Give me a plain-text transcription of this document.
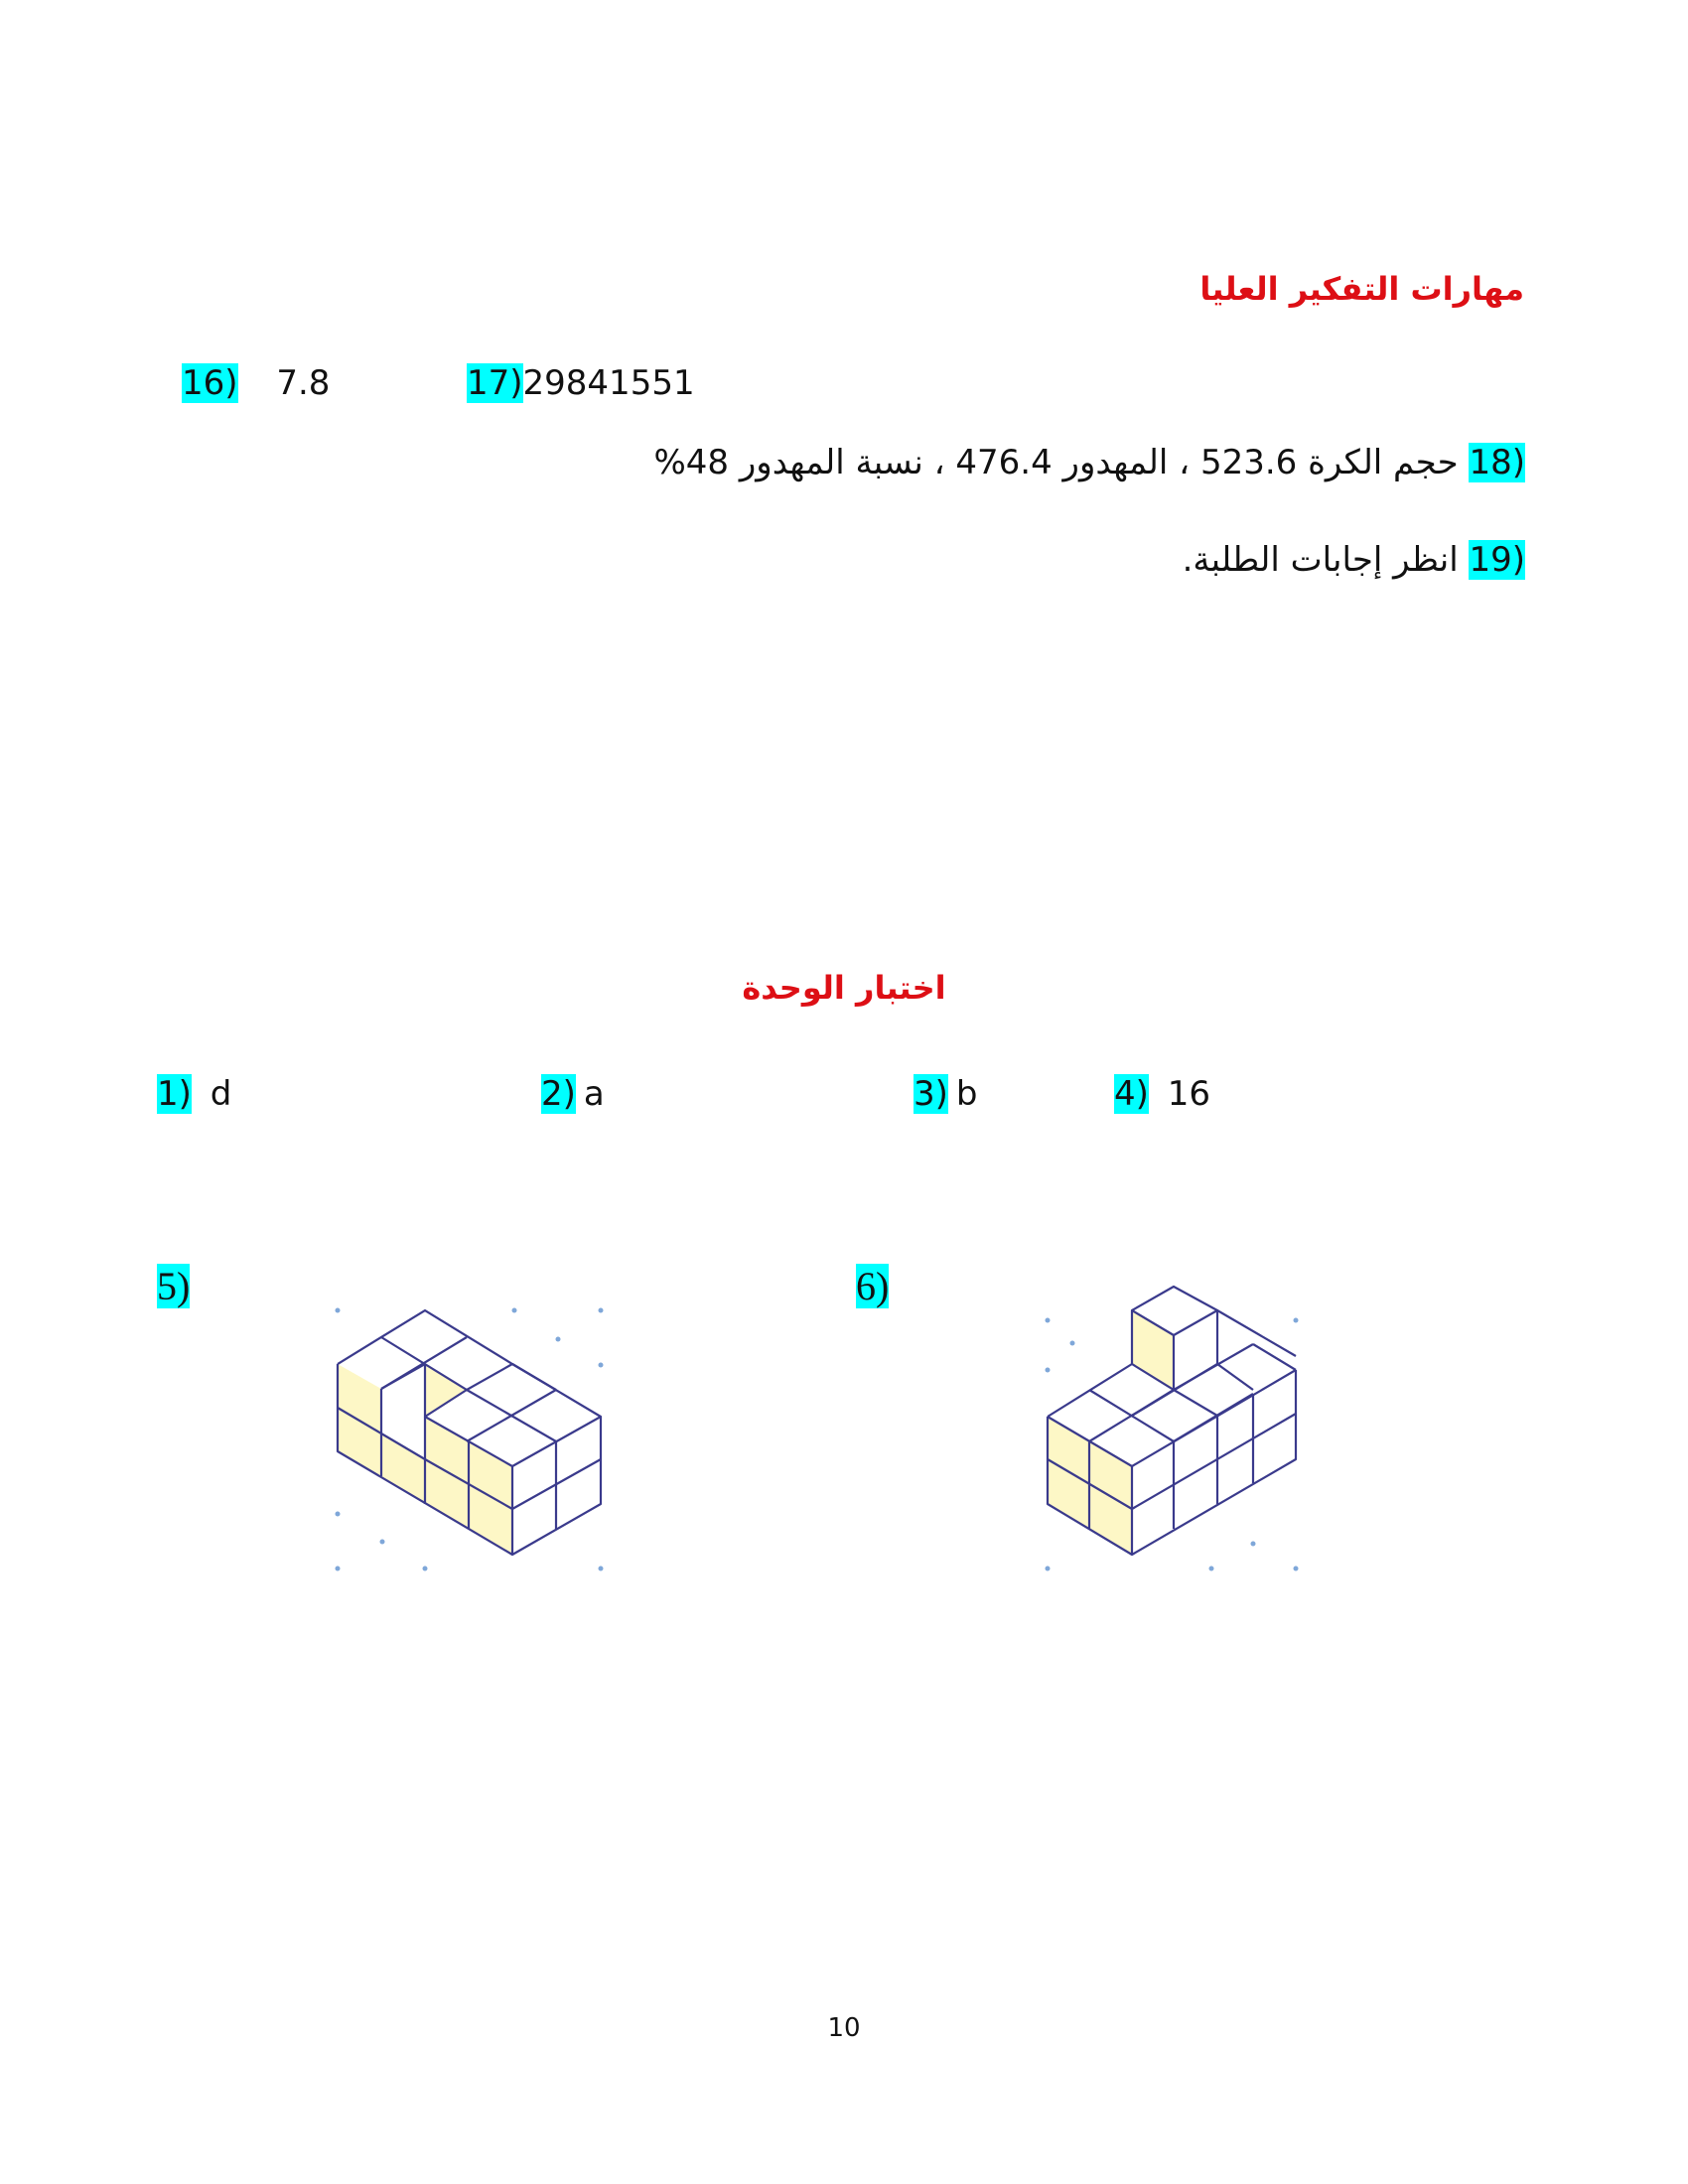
مهارات التفكير العليا
16) 7.8	17)29841551
18) حجم الكرة 523.6 ، المهدور 476.4 ، نسبة المهدور 48%
19) انظر إجابات الطلبة.
اختبار الوحدة
1) d	2) a	3) b	4) 16
5)	6)
10
